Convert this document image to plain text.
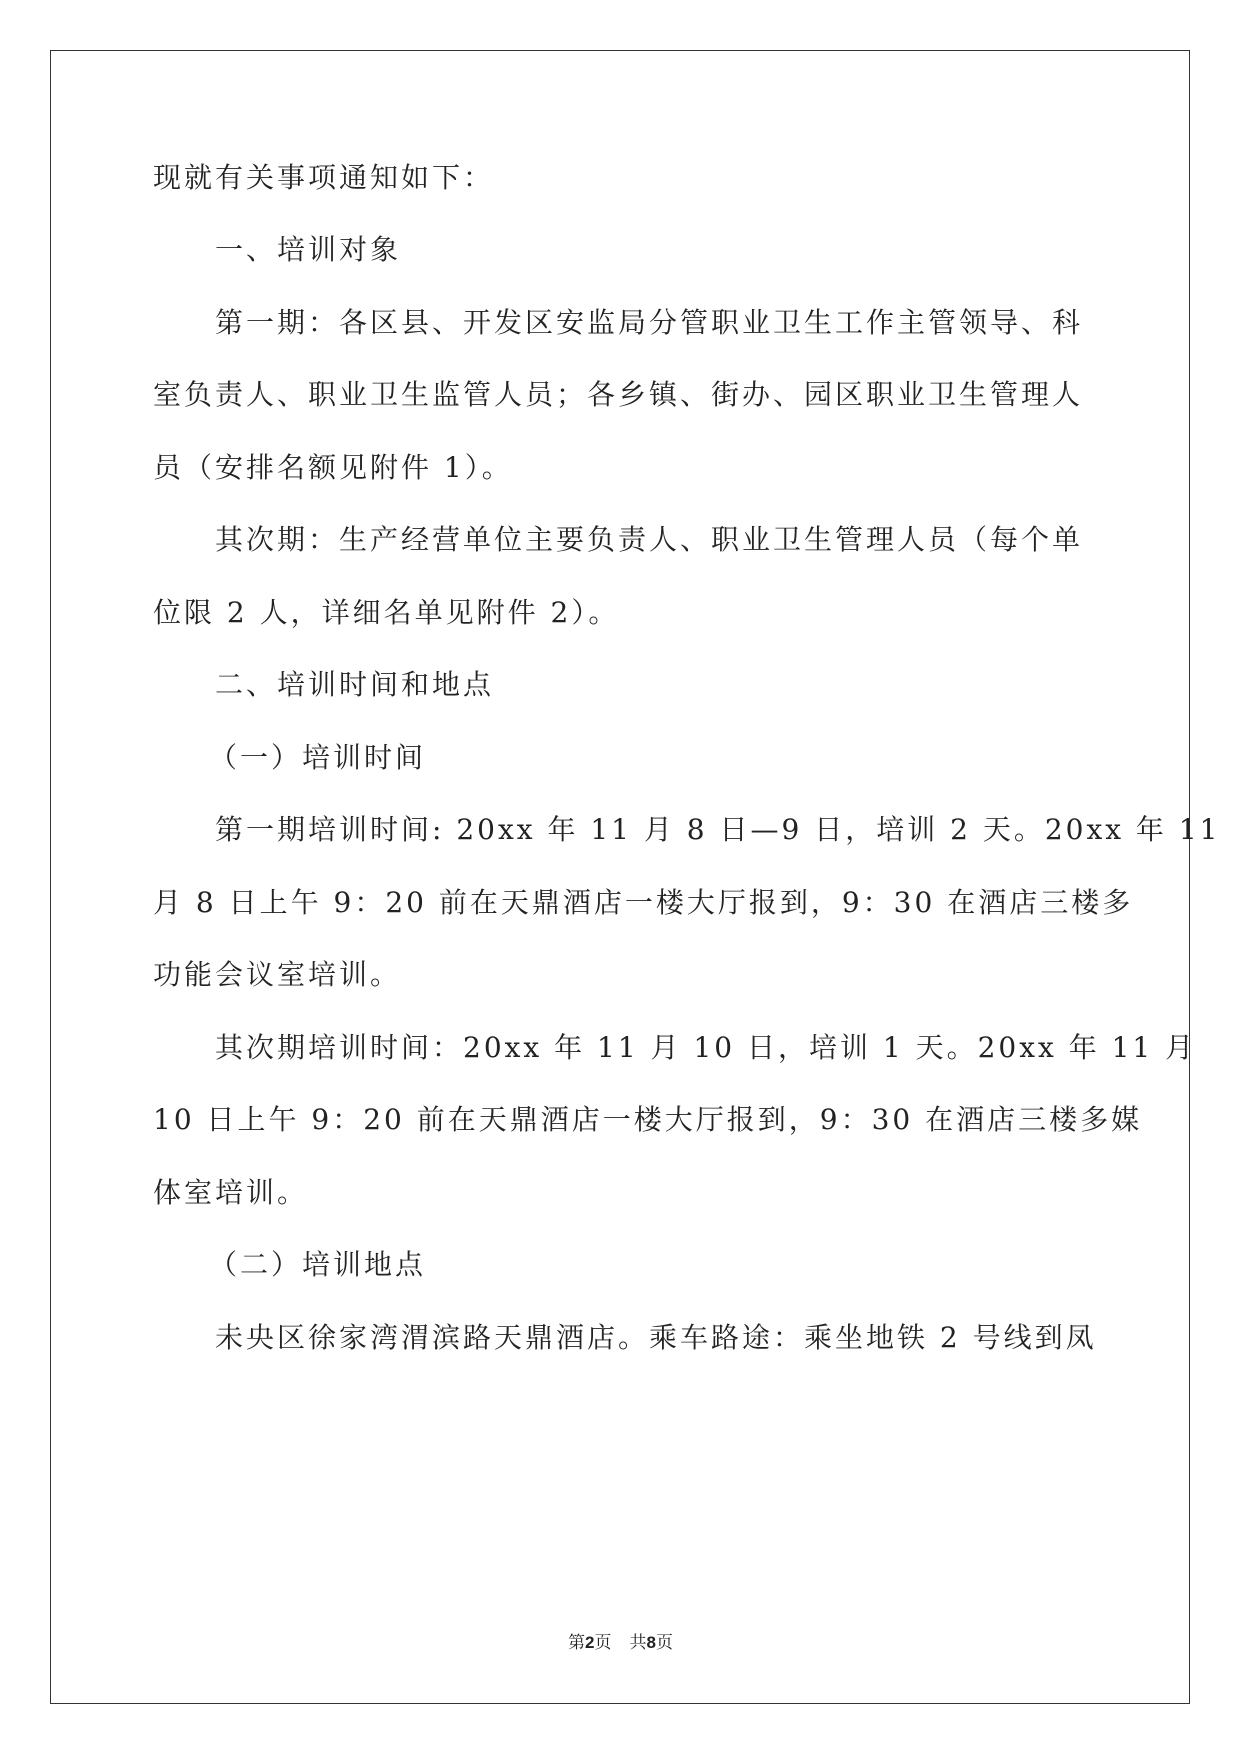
现就有关事项通知如下：
一、培训对象
第一期：各区县、开发区安监局分管职业卫生工作主管领导、科
室负责人、职业卫生监管人员；各乡镇、街办、园区职业卫生管理人
员（安排名额见附件 1）。
其次期：生产经营单位主要负责人、职业卫生管理人员（每个单
位限 2 人，详细名单见附件 2）。
二、培训时间和地点
（一）培训时间
第一期培训时间: 20xx 年 11 月 8 日—9 日，培训 2 天。20xx 年 11
月 8 日上午 9：20 前在天鼎酒店一楼大厅报到，9：30 在酒店三楼多
功能会议室培训。
其次期培训时间：20xx 年 11 月 10 日，培训 1 天。20xx 年 11 月
10 日上午 9：20 前在天鼎酒店一楼大厅报到，9：30 在酒店三楼多媒
体室培训。
（二）培训地点
未央区徐家湾渭滨路天鼎酒店。乘车路途：乘坐地铁 2 号线到凤
第2页 共8页
